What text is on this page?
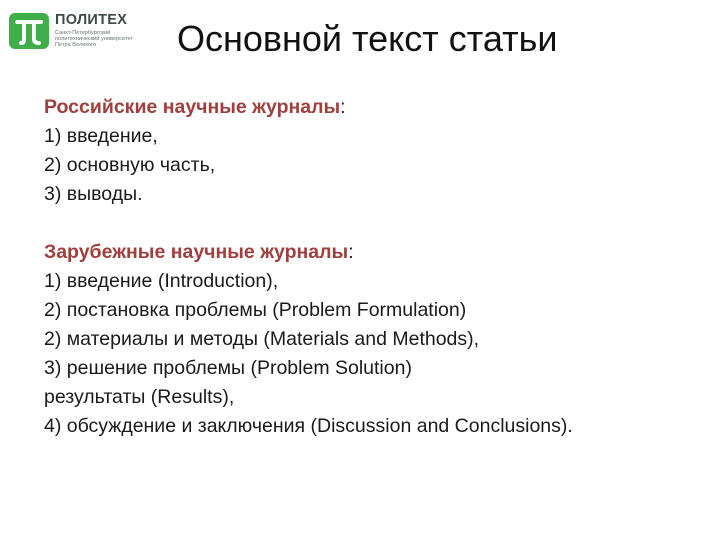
ПОЛИТЕХ
Санкт-Петербургский
политехнический университет
Петра Великого	Основной текст статьи
Российские научные журналы:
1) введение,
2) основную часть,
3) выводы.
Зарубежные научные журналы:
1) введение (Introduction),
2) постановка проблемы (Problem Formulation)
2) материалы и методы (Materials and Methods),
3) решение проблемы (Problem Solution)
результаты (Results),
4) обсуждение и заключения (Discussion and Conclusions).
